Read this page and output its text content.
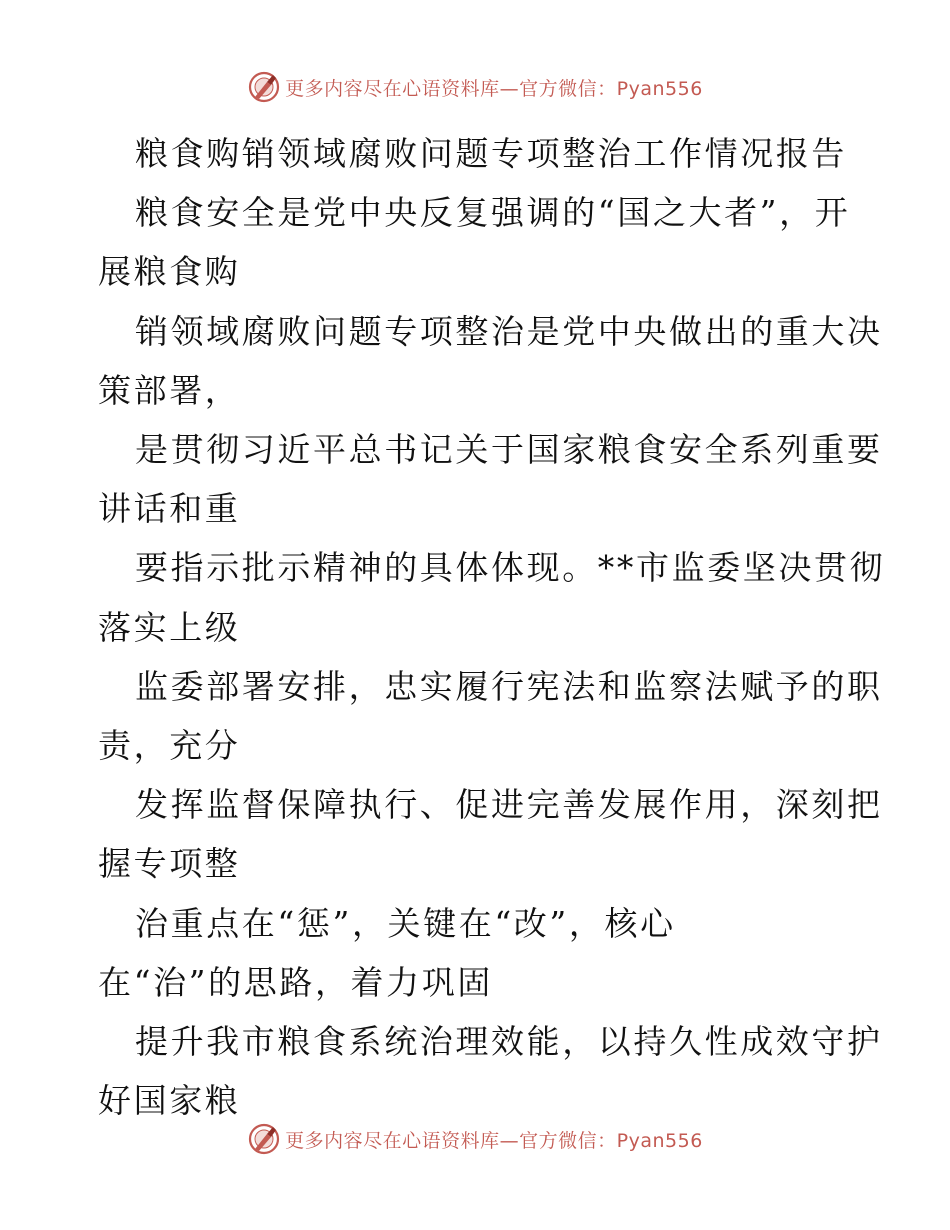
更多内容尽在心语资料库—官方微信：Pyan556

粮食购销领域腐败问题专项整治工作情况报告

粮食安全是党中央反复强调的“国之大者”，开

展粮食购

销领域腐败问题专项整治是党中央做出的重大决

策部署，

是贯彻习近平总书记关于国家粮食安全系列重要

讲话和重

要指示批示精神的具体体现。**市监委坚决贯彻

落实上级

监委部署安排，忠实履行宪法和监察法赋予的职

责，充分

发挥监督保障执行、促进完善发展作用，深刻把

握专项整

治重点在“惩”，关键在“改”，核心

在“治”的思路，着力巩固

提升我市粮食系统治理效能，以持久性成效守护

好国家粮

更多内容尽在心语资料库—官方微信：Pyan556
